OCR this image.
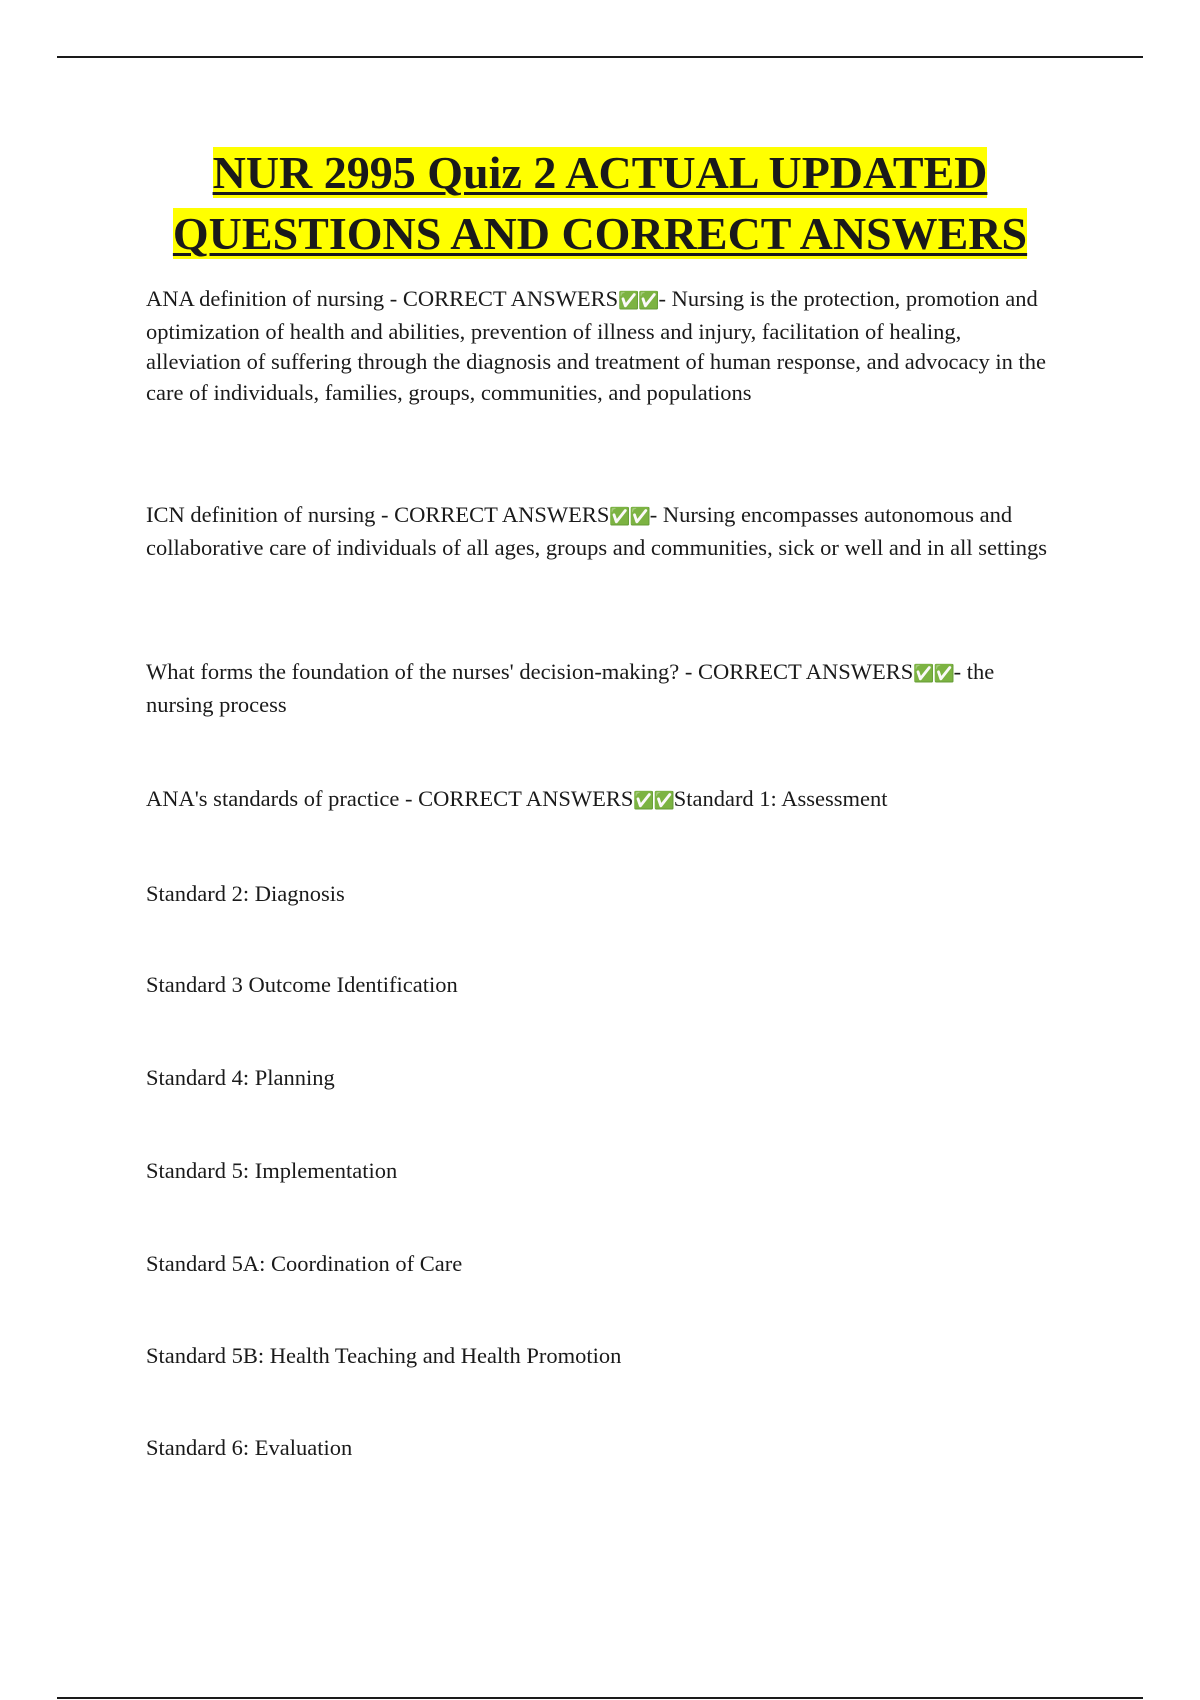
NUR 2995 Quiz 2 ACTUAL UPDATED
QUESTIONS AND CORRECT ANSWERS

ANA definition of nursing - CORRECT ANSWERS✅✅- Nursing is the protection, promotion and optimization of health and abilities, prevention of illness and injury, facilitation of healing, alleviation of suffering through the diagnosis and treatment of human response, and advocacy in the care of individuals, families, groups, communities, and populations

ICN definition of nursing - CORRECT ANSWERS✅✅- Nursing encompasses autonomous and collaborative care of individuals of all ages, groups and communities, sick or well and in all settings

What forms the foundation of the nurses' decision-making? - CORRECT ANSWERS✅✅- the nursing process

ANA's standards of practice - CORRECT ANSWERS✅✅Standard 1: Assessment

Standard 2: Diagnosis

Standard 3 Outcome Identification

Standard 4: Planning

Standard 5: Implementation

Standard 5A: Coordination of Care

Standard 5B: Health Teaching and Health Promotion

Standard 6: Evaluation
